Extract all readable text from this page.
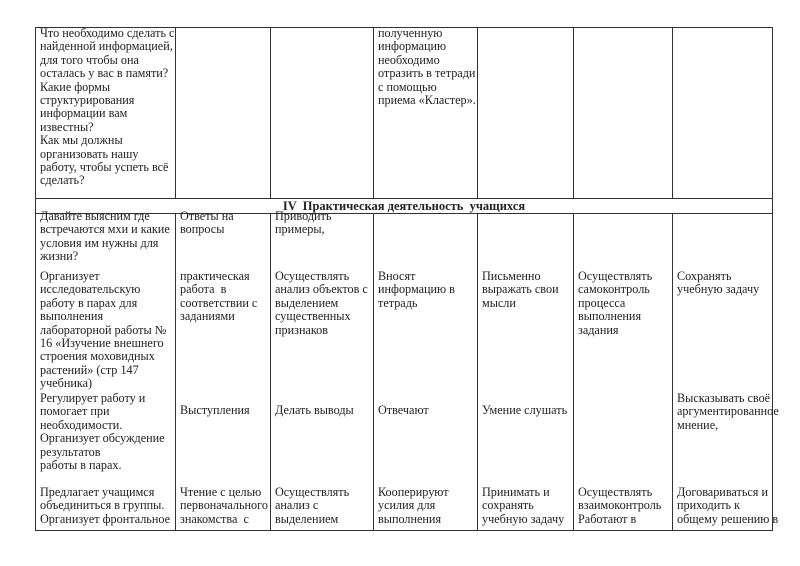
Что необходимо сделать с
найденной информацией,
для того чтобы она
осталась у вас в памяти?
Какие формы
структурирования
информации вам
известны?
Как мы должны
организовать нашу
работу, чтобы успеть всё
сделать?
полученную
информацию
необходимо
отразить в тетради
с помощью
приема «Кластер».
IV  Практическая деятельность  учащихся
Давайте выясним где
встречаются мхи и какие
условия им нужны для
жизни?
Ответы на
вопросы
Приводить
примеры,
Организует
исследовательскую
работу в парах для
выполнения
лабораторной работы №
16 «Изучение внешнего
строения моховидных
растений» (стр 147
учебника)
практическая
работа  в
соответствии с
заданиями
Осуществлять
анализ объектов с
выделением
существенных
признаков
Вносят
информацию в
тетрадь
Письменно
выражать свои
мысли
Осуществлять
самоконтроль
процесса
выполнения
задания
Сохранять
учебную задачу
Регулирует работу и
помогает при
необходимости.
Организует обсуждение
результатов
работы в парах.
Выступления Делать выводы Отвечают	Умение слушать
Высказывать своё
аргументированное
мнение,
Предлагает учащимся
объединиться в группы.
Организует фронтальное
Чтение с целью
первоначального
знакомства  с
Осуществлять
анализ с
выделением
Кооперируют
усилия для
выполнения
Принимать и
сохранять
учебную задачу
Осуществлять
взаимоконтроль
Работают в
Договариваться и
приходить к
общему решению в
